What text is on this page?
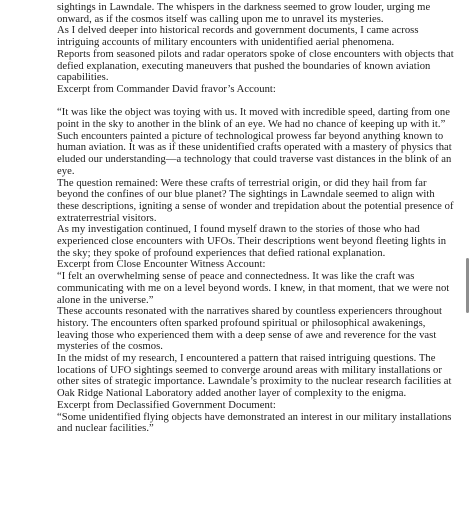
sightings in Lawndale. The whispers in the darkness seemed to grow louder, urging me onward, as if the cosmos itself was calling upon me to unravel its mysteries.

As I delved deeper into historical records and government documents, I came across intriguing accounts of military encounters with unidentified aerial phenomena.

Reports from seasoned pilots and radar operators spoke of close encounters with objects that defied explanation, executing maneuvers that pushed the boundaries of known aviation capabilities.

Excerpt from Commander David fravor’s Account:

“It was like the object was toying with us. It moved with incredible speed, darting from one point in the sky to another in the blink of an eye. We had no chance of keeping up with it.”

Such encounters painted a picture of technological prowess far beyond anything known to human aviation. It was as if these unidentified crafts operated with a mastery of physics that eluded our understanding—a technology that could traverse vast distances in the blink of an eye.

The question remained: Were these crafts of terrestrial origin, or did they hail from far beyond the confines of our blue planet? The sightings in Lawndale seemed to align with these descriptions, igniting a sense of wonder and trepidation about the potential presence of extraterrestrial visitors.

As my investigation continued, I found myself drawn to the stories of those who had experienced close encounters with UFOs. Their descriptions went beyond fleeting lights in the sky; they spoke of profound experiences that defied rational explanation.

Excerpt from Close Encounter Witness Account:

“I felt an overwhelming sense of peace and connectedness. It was like the craft was communicating with me on a level beyond words. I knew, in that moment, that we were not alone in the universe.”

These accounts resonated with the narratives shared by countless experiencers throughout history. The encounters often sparked profound spiritual or philosophical awakenings, leaving those who experienced them with a deep sense of awe and reverence for the vast mysteries of the cosmos.

In the midst of my research, I encountered a pattern that raised intriguing questions. The locations of UFO sightings seemed to converge around areas with military installations or other sites of strategic importance. Lawndale’s proximity to the nuclear research facilities at Oak Ridge National Laboratory added another layer of complexity to the enigma.

Excerpt from Declassified Government Document:

“Some unidentified flying objects have demonstrated an interest in our military installations and nuclear facilities.”
